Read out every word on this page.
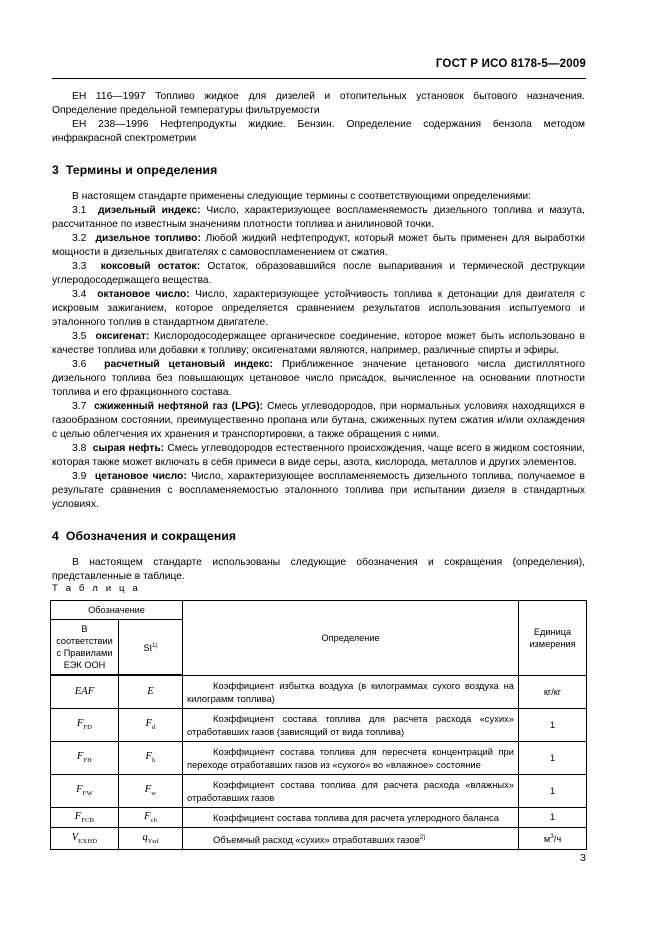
ГОСТ Р ИСО 8178-5—2009

ЕН 116—1997 Топливо жидкое для дизелей и отопительных установок бытового назначения. Определение предельной температуры фильтруемости

ЕН 238—1996 Нефтепродукты жидкие. Бензин. Определение содержания бензола методом инфракрасной спектрометрии

3 Термины и определения

В настоящем стандарте применены следующие термины с соответствующими определениями:

3.1 дизельный индекс: Число, характеризующее воспламеняемость дизельного топлива и мазута, рассчитанное по известным значениям плотности топлива и анилиновой точки.

3.2 дизельное топливо: Любой жидкий нефтепродукт, который может быть применен для выработки мощности в дизельных двигателях с самовоспламенением от сжатия.

3.3 коксовый остаток: Остаток, образовавшийся после выпаривания и термической деструкции углеродосодержащего вещества.

3.4 октановое число: Число, характеризующее устойчивость топлива к детонации для двигателя с искровым зажиганием, которое определяется сравнением результатов использования испытуемого и эталонного топлив в стандартном двигателе.

3.5 оксигенат: Кислородосодержащее органическое соединение, которое может быть использовано в качестве топлива или добавки к топливу; оксигенатами являются, например, различные спирты и эфиры.

3.6 расчетный цетановый индекс: Приближенное значение цетанового числа дистиллятного дизельного топлива без повышающих цетановое число присадок, вычисленное на основании плотности топлива и его фракционного состава.

3.7 сжиженный нефтяной газ (LPG): Смесь углеводородов, при нормальных условиях находящихся в газообразном состоянии, преимущественно пропана или бутана, сжиженных путем сжатия и/или охлаждения с целью облегчения их хранения и транспортировки, а также обращения с ними.

3.8 сырая нефть: Смесь углеводородов естественного происхождения, чаще всего в жидком состоянии, которая также может включать в себя примеси в виде серы, азота, кислорода, металлов и других элементов.

3.9 цетановое число: Число, характеризующее воспламеняемость дизельного топлива, получаемое в результате сравнения с воспламеняемостью эталонного топлива при испытании дизеля в стандартных условиях.

4 Обозначения и сокращения

В настоящем стандарте использованы следующие обозначения и сокращения (определения), представленные в таблице.

Т а б л и ц а
Обозначение		Определение	Единица измерения
В соответствии с Правилами ЕЭК ООН	SI$^{1)}$
EAF	E	Коэффициент избытка воздуха (в килограммах сухого воздуха на килограмм топлива)	кг/кг
$F_{FD}$	$F_d$	Коэффициент состава топлива для расчета расхода «сухих» отработавших газов (зависящий от вида топлива)	1
$F_{FH}$	$F_h$	Коэффициент состава топлива для пересчета концентраций при переходе отработавших газов из «сухого» во «влажное» состояние	1
$F_{FW}$	$F_w$	Коэффициент состава топлива для расчета расхода «влажных» отработавших газов	1
$F_{FCB}$	$F_{cb}$	Коэффициент состава топлива для расчета углеродного баланса	1
$V_{EXHD}$	$q_{Vxd}$	Объемный расход «сухих» отработавших газов$^{2)}$	$м^3/ч$
3
